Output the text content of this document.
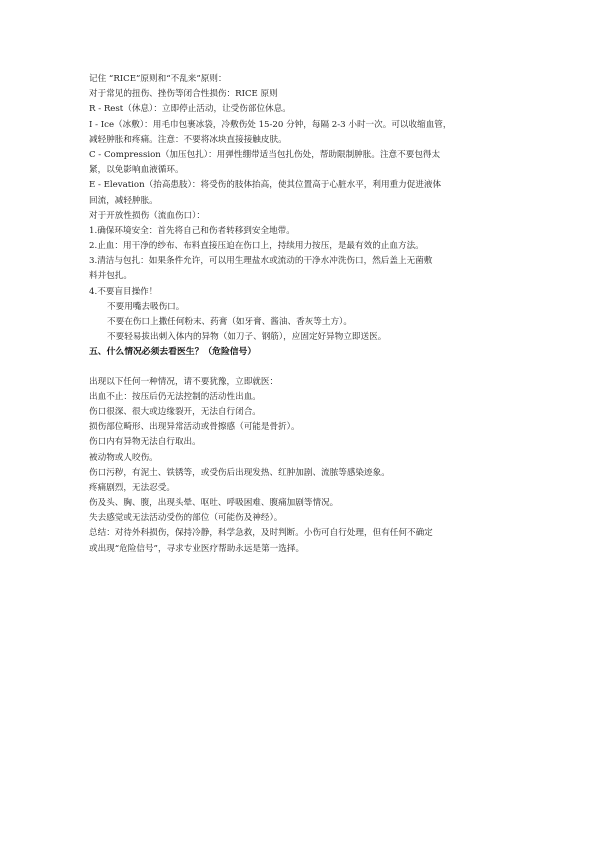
记住 “RICE”原则和“不乱来”原则：
对于常见的扭伤、挫伤等闭合性损伤：RICE 原则
R - Rest（休息）：立即停止活动，让受伤部位休息。
I - Ice（冰敷）：用毛巾包裹冰袋，冷敷伤处 15-20 分钟，每隔 2-3 小时一次。可以收缩血管，
减轻肿胀和疼痛。注意：不要将冰块直接接触皮肤。
C - Compression（加压包扎）：用弹性绷带适当包扎伤处，帮助限制肿胀。注意不要包得太
紧，以免影响血液循环。
E - Elevation（抬高患肢）：将受伤的肢体抬高，使其位置高于心脏水平，利用重力促进液体
回流，减轻肿胀。
对于开放性损伤（流血伤口）：
1.确保环境安全：首先将自己和伤者转移到安全地带。
2.止血：用干净的纱布、布料直接压迫在伤口上，持续用力按压，是最有效的止血方法。
3.清洁与包扎：如果条件允许，可以用生理盐水或流动的干净水冲洗伤口，然后盖上无菌敷
料并包扎。
4.不要盲目操作！
不要用嘴去吸伤口。
不要在伤口上撒任何粉末、药膏（如牙膏、酱油、香灰等土方）。
不要轻易拔出刺入体内的异物（如刀子、钢筋），应固定好异物立即送医。
五、什么情况必须去看医生？（危险信号）
出现以下任何一种情况，请不要犹豫，立即就医：
出血不止：按压后仍无法控制的活动性出血。
伤口很深、很大或边缘裂开，无法自行闭合。
损伤部位畸形、出现异常活动或骨擦感（可能是骨折）。
伤口内有异物无法自行取出。
被动物或人咬伤。
伤口污秽，有泥土、铁锈等，或受伤后出现发热、红肿加剧、流脓等感染迹象。
疼痛剧烈，无法忍受。
伤及头、胸、腹，出现头晕、呕吐、呼吸困难、腹痛加剧等情况。
失去感觉或无法活动受伤的部位（可能伤及神经）。
总结：对待外科损伤，保持冷静，科学急救，及时判断。小伤可自行处理，但有任何不确定
或出现“危险信号”，寻求专业医疗帮助永远是第一选择。
